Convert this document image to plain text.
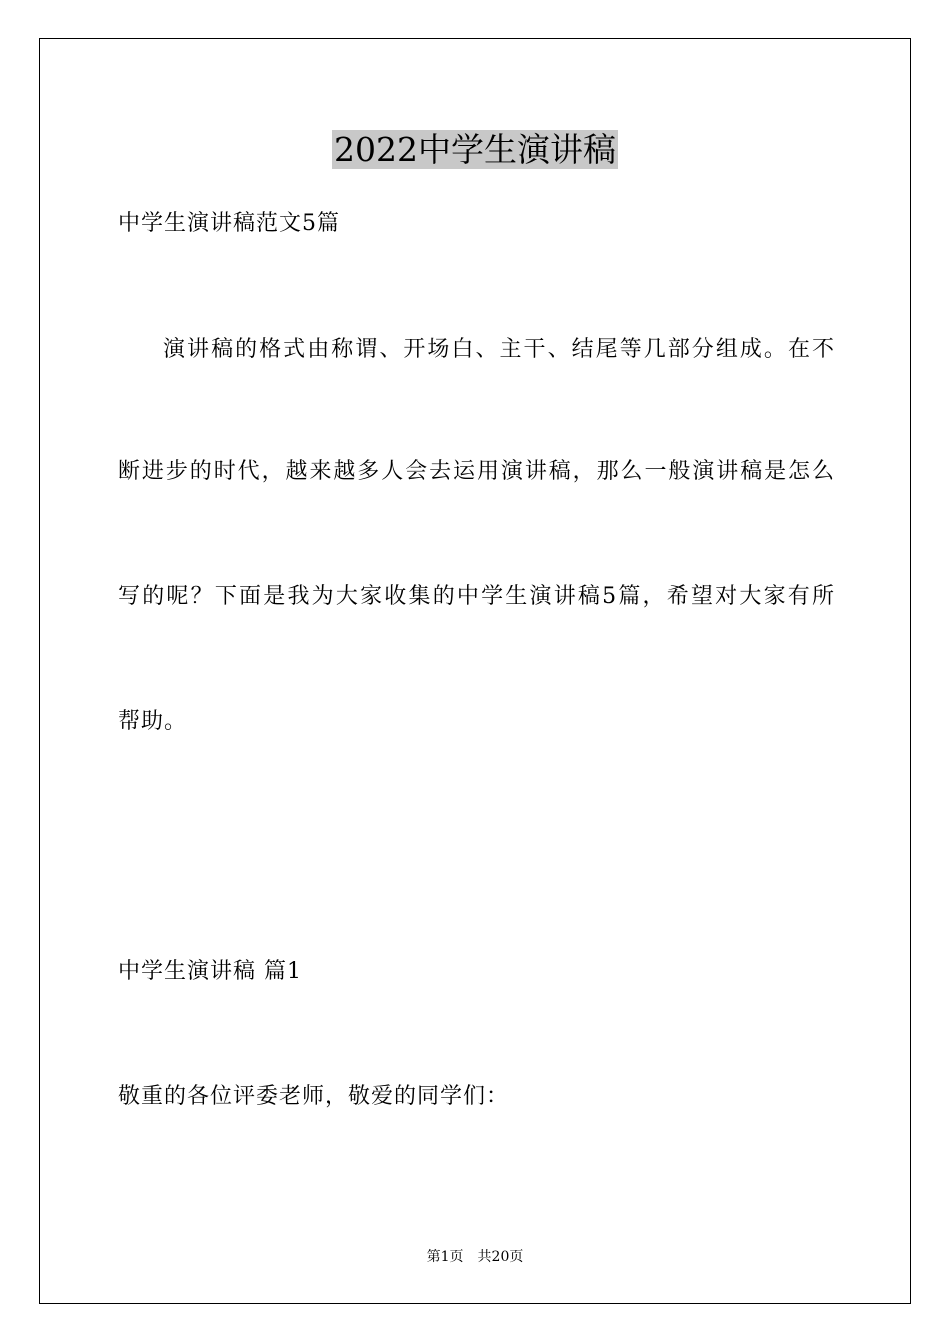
2022中学生演讲稿
中学生演讲稿范文5篇
演讲稿的格式由称谓、开场白、主干、结尾等几部分组成。在不
断进步的时代，越来越多人会去运用演讲稿，那么一般演讲稿是怎么
写的呢？下面是我为大家收集的中学生演讲稿5篇，希望对大家有所
帮助。
中学生演讲稿 篇1
敬重的各位评委老师，敬爱的同学们：
第1页 共20页
